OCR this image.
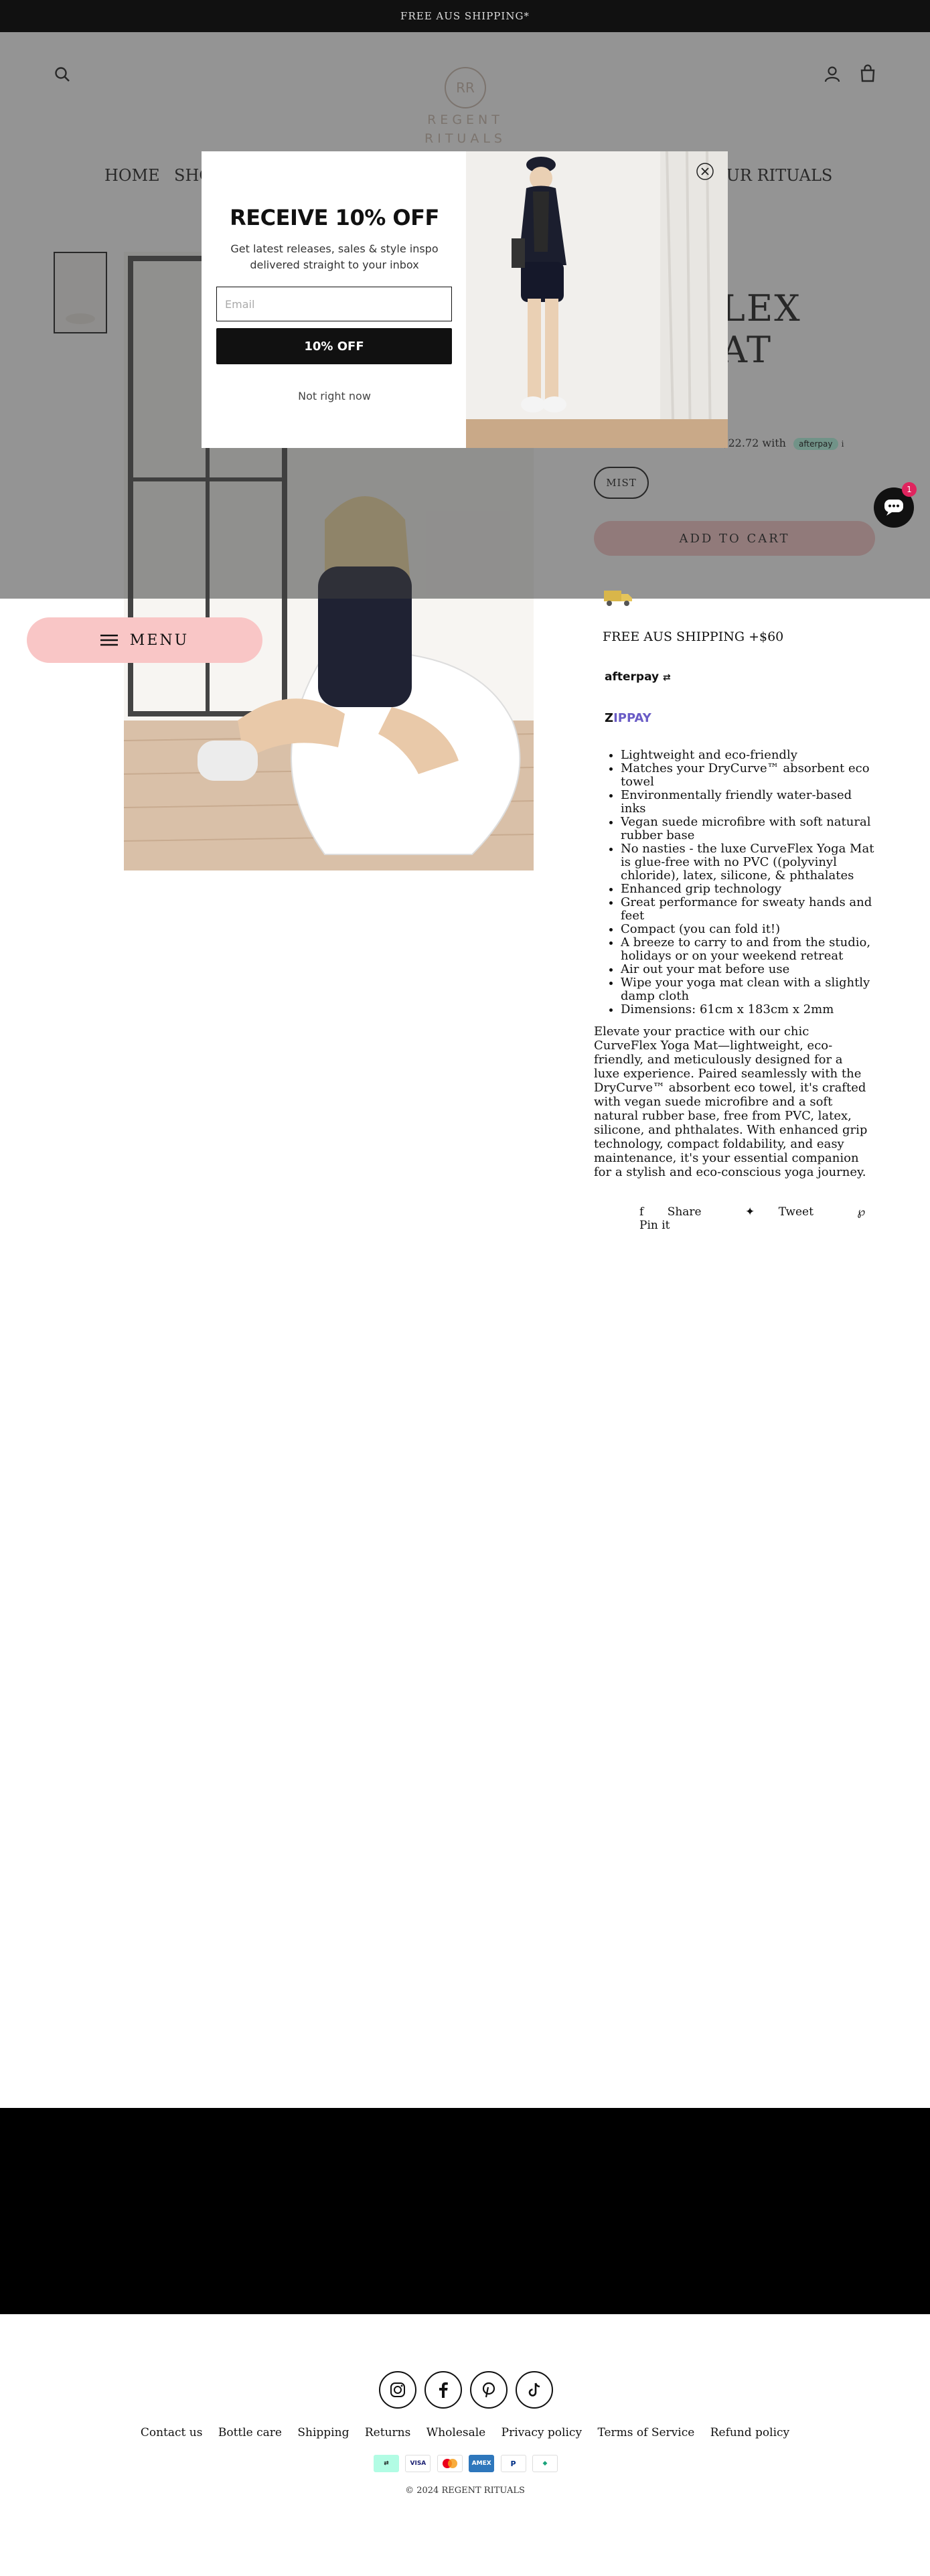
FREE AUS SHIPPING*
RECEIVE 10% OFF
Get latest releases, sales & style inspo delivered straight to your inbox
Email 10% OFF
Not right now
1
MENU	FREE AUS SHIPPING +$60
afterpay ⇄
ZIPPAY
• Lightweight and eco-friendly
• Matches your DryCurve™ absorbent eco towel
• Environmentally friendly water-based inks
• Vegan suede microfibre with soft natural rubber base
• No nasties - the luxe CurveFlex Yoga Mat is glue-free with no PVC ((polyvinyl chloride), latex, silicone, & phthalates
• Enhanced grip technology
• Great performance for sweaty hands and feet
• Compact (you can fold it!)
• A breeze to carry to and from the studio, holidays or on your weekend retreat
• Air out your mat before use
• Wipe your yoga mat clean with a slightly damp cloth
• Dimensions: 61cm x 183cm x 2mm
Elevate your practice with our chic CurveFlex Yoga Mat—lightweight, eco-friendly, and meticulously designed for a luxe experience. Paired seamlessly with the DryCurve™ absorbent eco towel, it's crafted with vegan suede microfibre and a soft natural rubber base, free from PVC, latex, silicone, and phthalates. With enhanced grip technology, compact foldability, and easy maintenance, it's your essential companion for a stylish and eco-conscious yoga journey.
f Share	✦ Tweet	℘ Pin it
Contact us Bottle care Shipping Returns Wholesale Privacy policy Terms of Service Refund policy
⇄	VISA	AMEX	P	◆
© 2024 REGENT RITUALS
